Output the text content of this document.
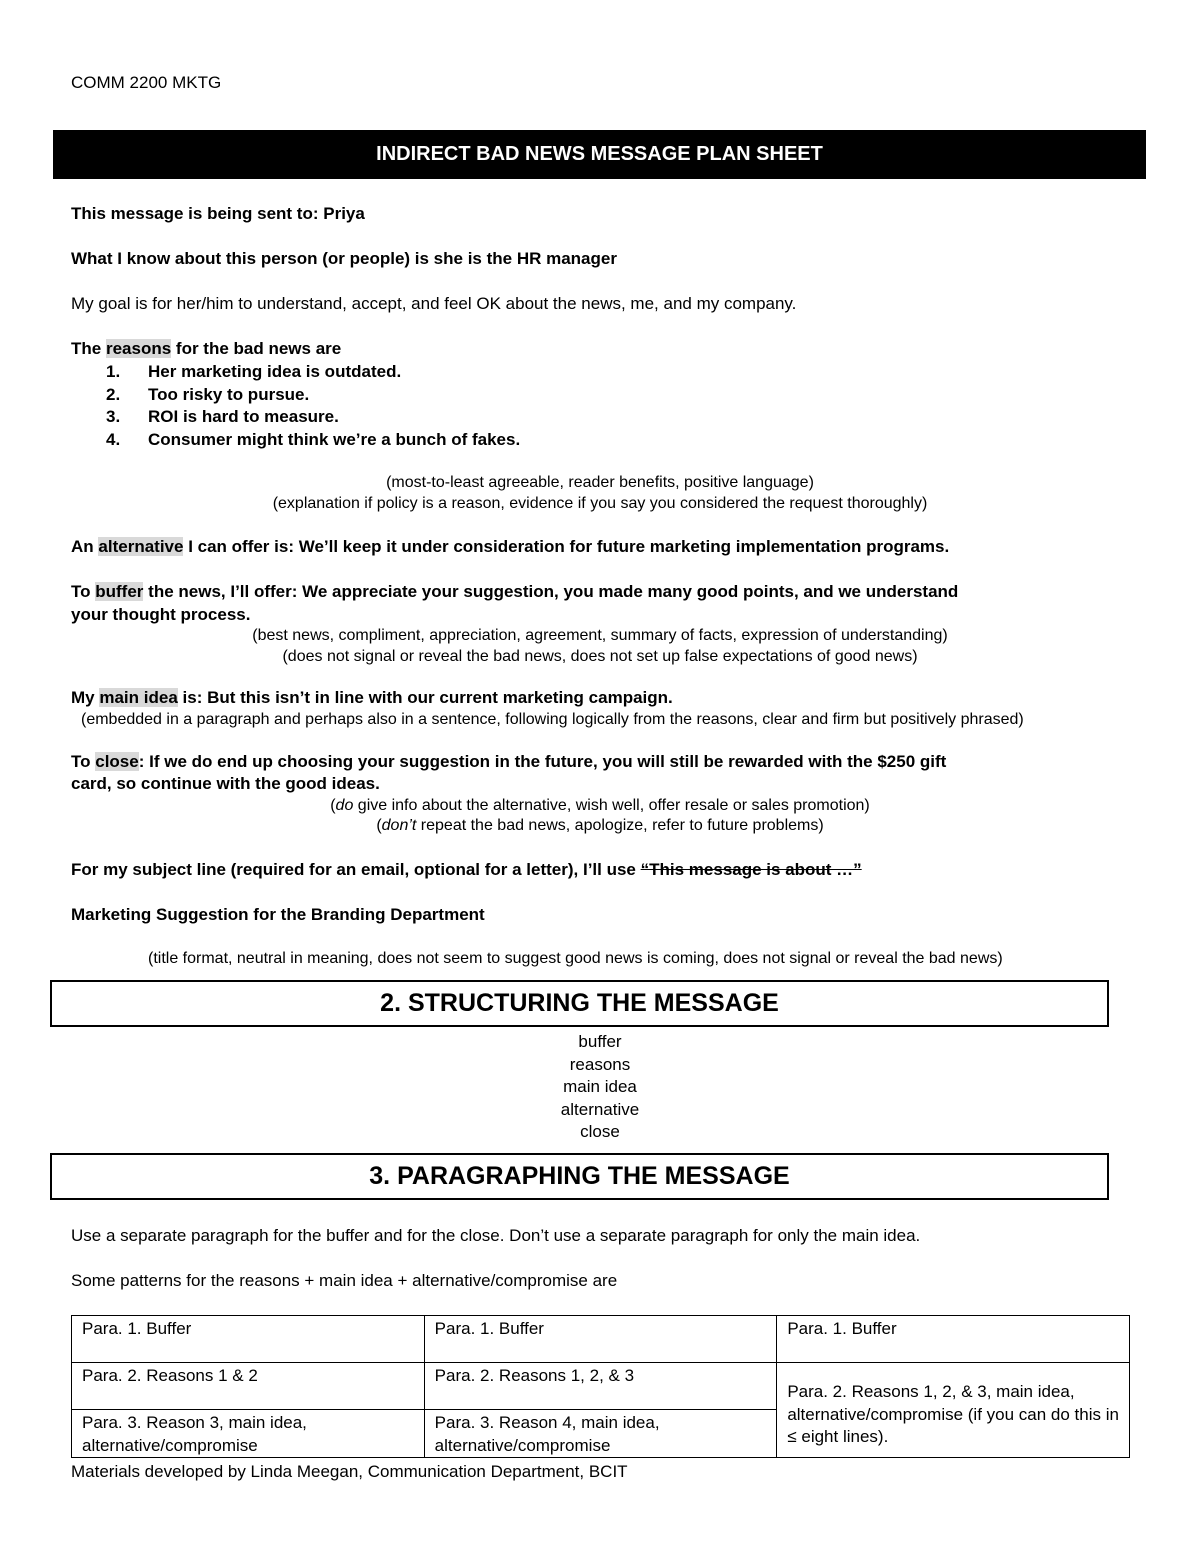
COMM 2200 MKTG
INDIRECT BAD NEWS MESSAGE PLAN SHEET
This message is being sent to: Priya
What I know about this person (or people) is she is the HR manager
My goal is for her/him to understand, accept, and feel OK about the news, me, and my company.
The reasons for the bad news are
1. Her marketing idea is outdated.
2. Too risky to pursue.
3. ROI is hard to measure.
4. Consumer might think we’re a bunch of fakes.
(most-to-least agreeable, reader benefits, positive language)
(explanation if policy is a reason, evidence if you say you considered the request thoroughly)
An alternative I can offer is: We’ll keep it under consideration for future marketing implementation programs.
To buffer the news, I’ll offer: We appreciate your suggestion, you made many good points, and we understand
your thought process.
(best news, compliment, appreciation, agreement, summary of facts, expression of understanding)
(does not signal or reveal the bad news, does not set up false expectations of good news)
My main idea is: But this isn’t in line with our current marketing campaign.
(embedded in a paragraph and perhaps also in a sentence, following logically from the reasons, clear and firm but positively phrased)
To close: If we do end up choosing your suggestion in the future, you will still be rewarded with the $250 gift
card, so continue with the good ideas.
(do give info about the alternative, wish well, offer resale or sales promotion)
(don’t repeat the bad news, apologize, refer to future problems)
For my subject line (required for an email, optional for a letter), I’ll use “This message is about …”
Marketing Suggestion for the Branding Department
(title format, neutral in meaning, does not seem to suggest good news is coming, does not signal or reveal the bad news)
2. STRUCTURING THE MESSAGE
buffer
reasons
main idea
alternative
close
3. PARAGRAPHING THE MESSAGE
Use a separate paragraph for the buffer and for the close. Don’t use a separate paragraph for only the main idea.
Some patterns for the reasons + main idea + alternative/compromise are
Para. 1. Buffer	Para. 1. Buffer	Para. 1. Buffer
Para. 2. Reasons 1 & 2	Para. 2. Reasons 1, 2, & 3	Para. 2. Reasons 1, 2, & 3, main idea, alternative/compromise (if you can do this in ≤ eight lines).
Para. 3. Reason 3, main idea, alternative/compromise	Para. 3. Reason 4, main idea, alternative/compromise	
Materials developed by Linda Meegan, Communication Department, BCIT
